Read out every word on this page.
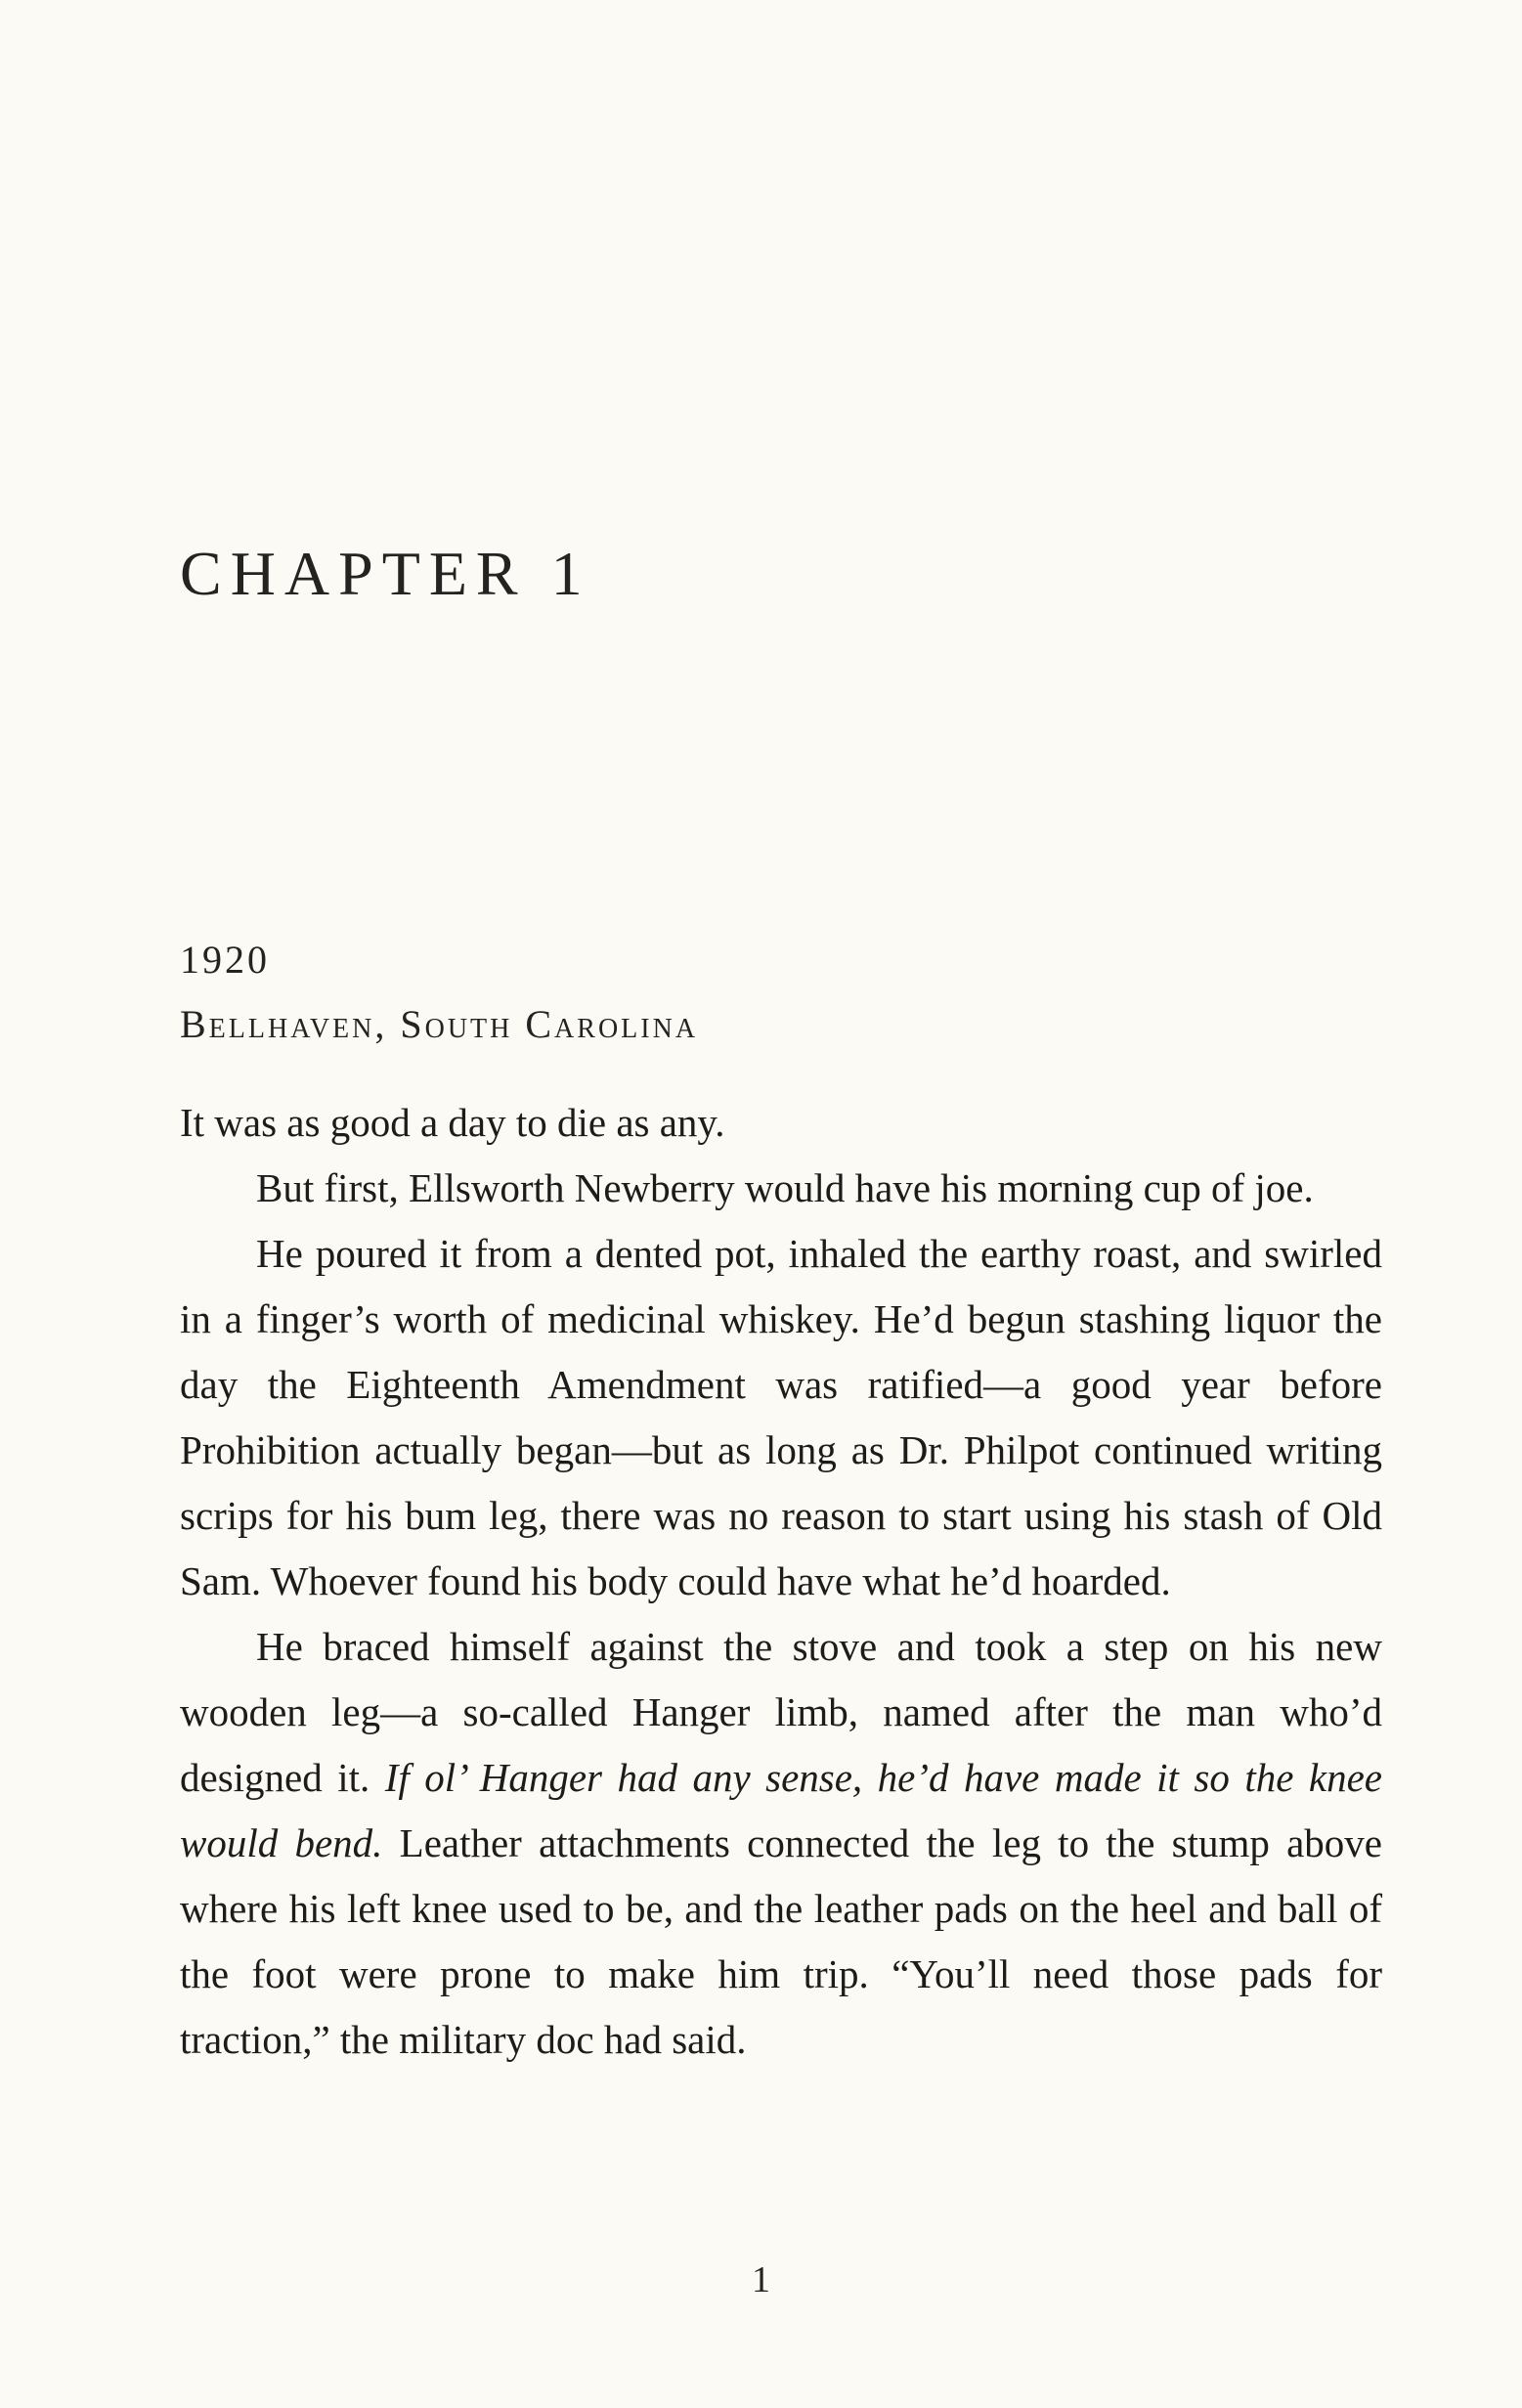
CHAPTER 1
1920
Bellhaven, South Carolina

It was as good a day to die as any.

But first, Ellsworth Newberry would have his morning cup of joe.

He poured it from a dented pot, inhaled the earthy roast, and swirled in a finger’s worth of medicinal whiskey. He’d begun stashing liquor the day the Eighteenth Amendment was ratified—a good year before Prohibition actually began—but as long as Dr. Philpot continued writing scrips for his bum leg, there was no reason to start using his stash of Old Sam. Whoever found his body could have what he’d hoarded.

He braced himself against the stove and took a step on his new wooden leg—a so-called Hanger limb, named after the man who’d designed it. If ol’ Hanger had any sense, he’d have made it so the knee would bend. Leather attachments connected the leg to the stump above where his left knee used to be, and the leather pads on the heel and ball of the foot were prone to make him trip. “You’ll need those pads for traction,” the military doc had said.

1
